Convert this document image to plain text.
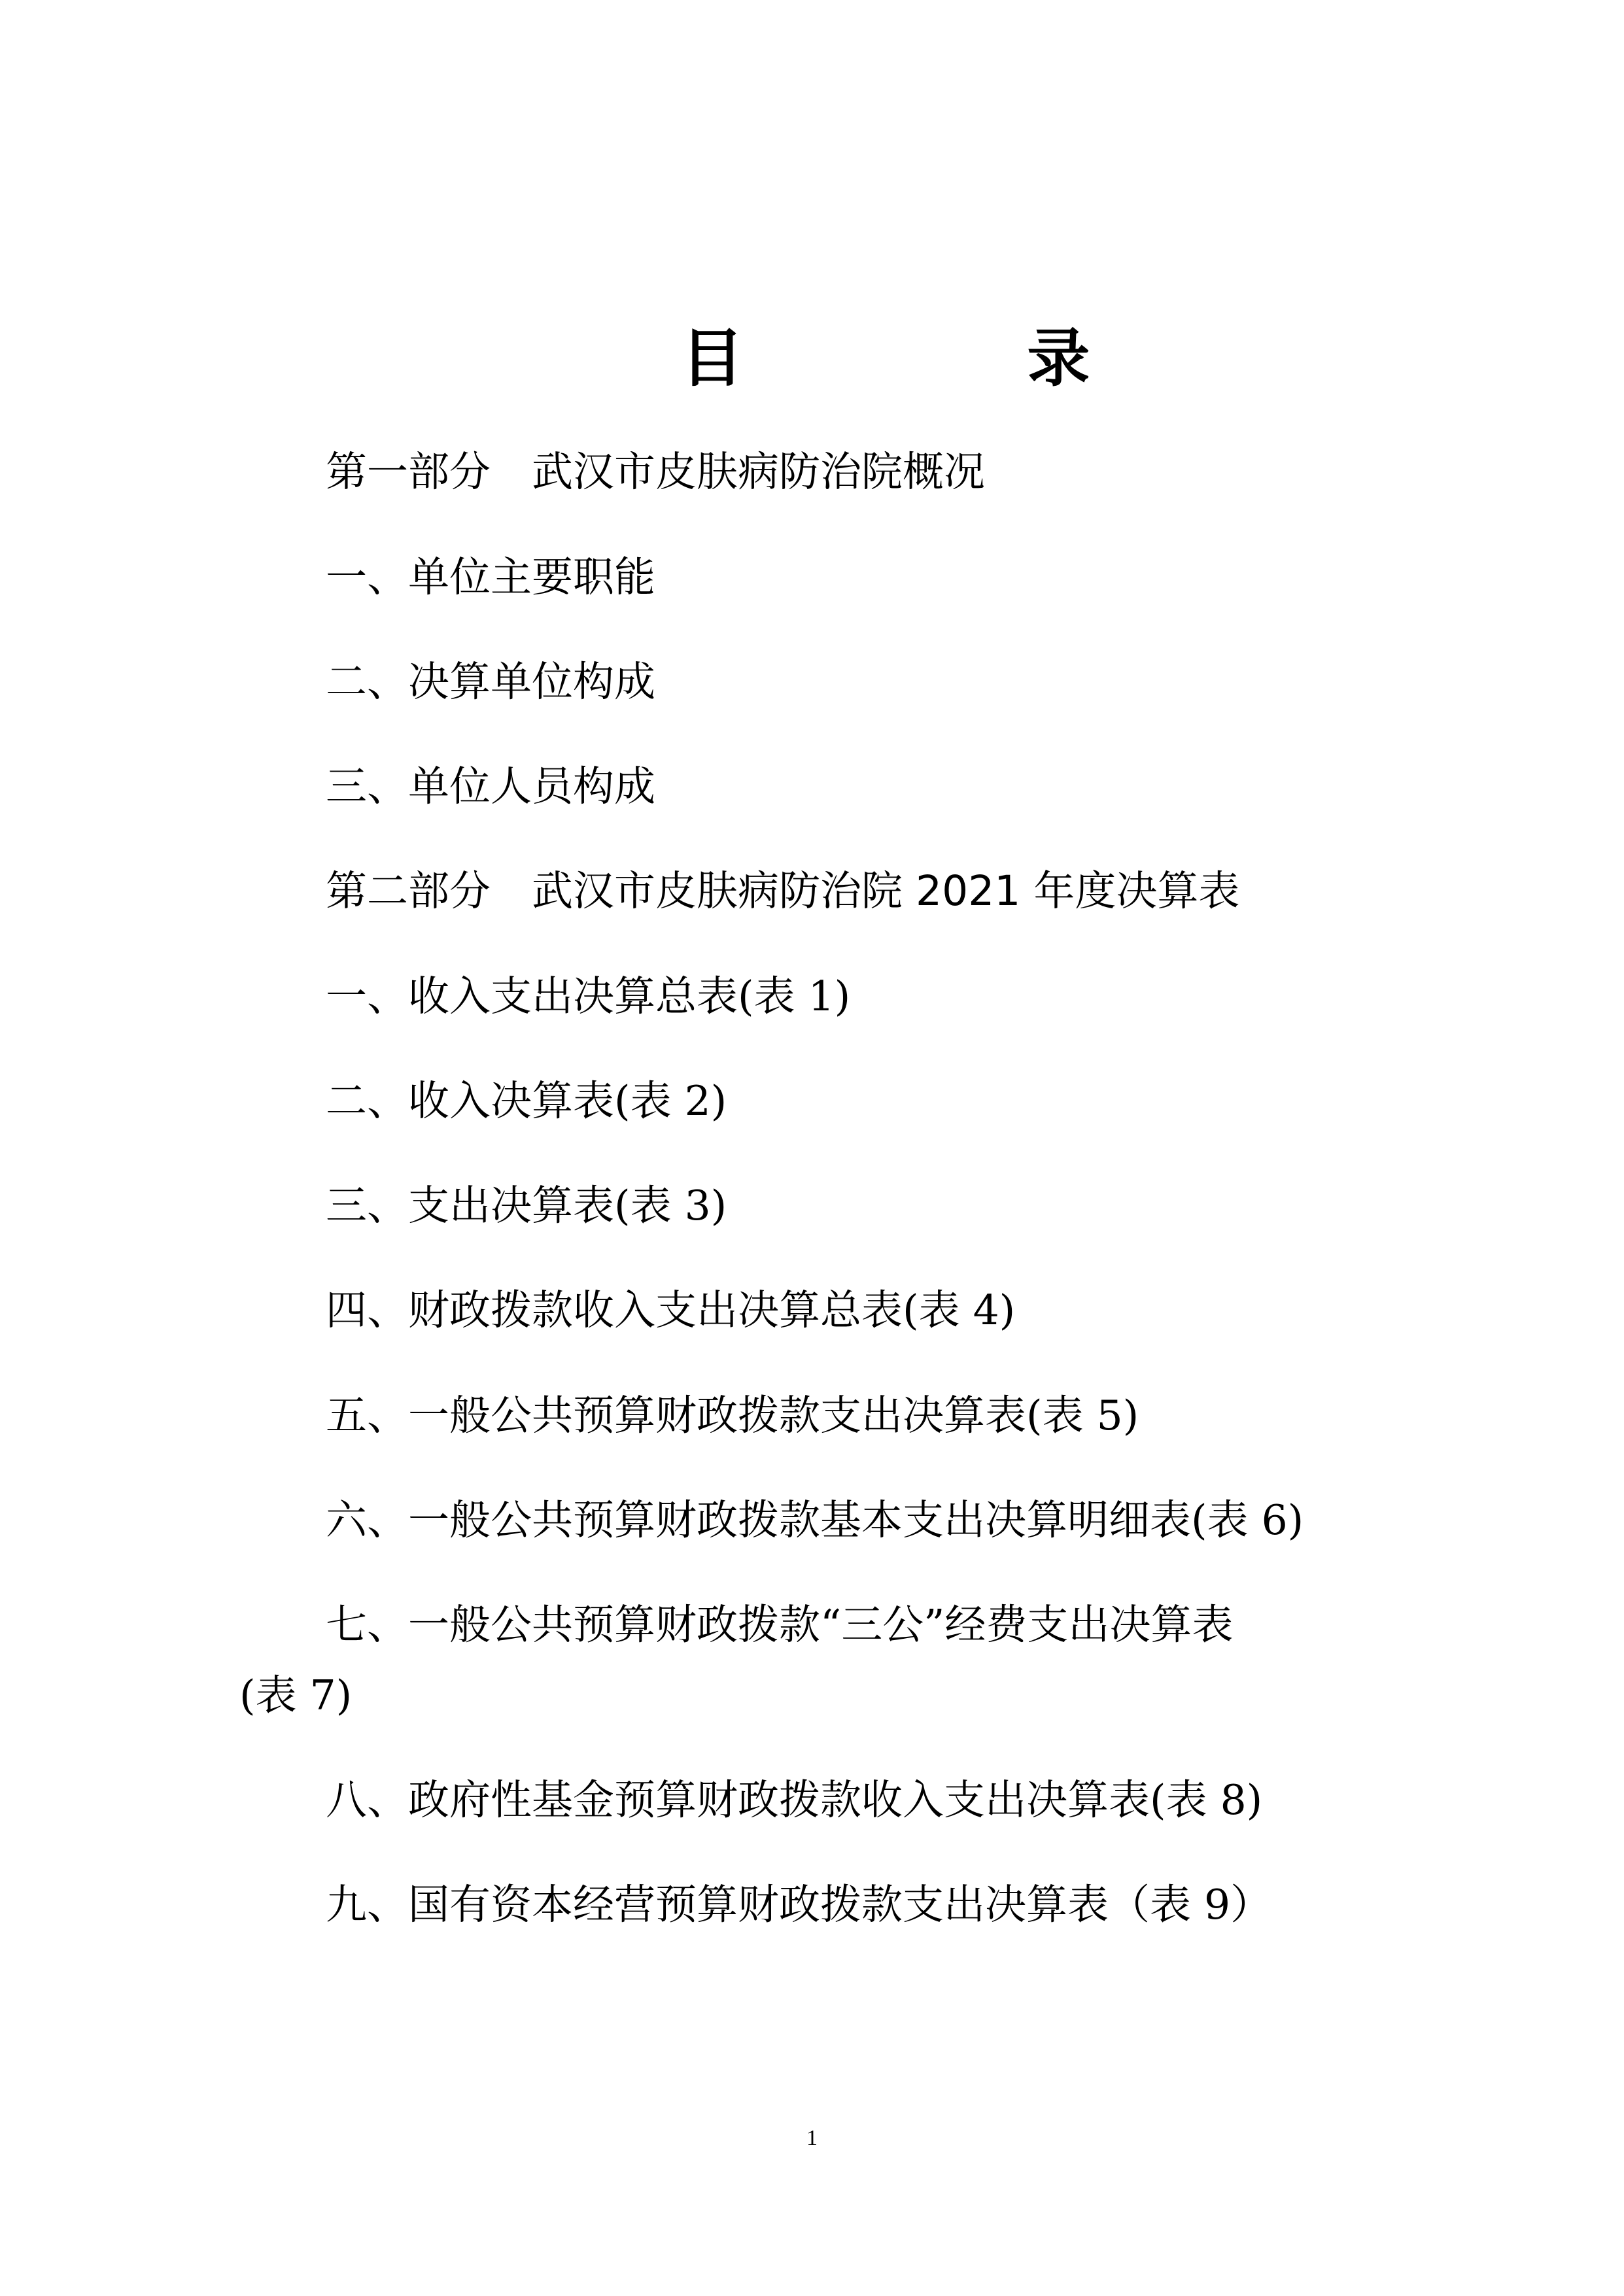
目 录
第一部分 武汉市皮肤病防治院概况
一、单位主要职能
二、决算单位构成
三、单位人员构成
第二部分 武汉市皮肤病防治院 2021 年度决算表
一、收入支出决算总表(表 1)
二、收入决算表(表 2)
三、支出决算表(表 3)
四、财政拨款收入支出决算总表(表 4)
五、一般公共预算财政拨款支出决算表(表 5)
六、一般公共预算财政拨款基本支出决算明细表(表 6)
七、一般公共预算财政拨款“三公”经费支出决算表
(表 7)
八、政府性基金预算财政拨款收入支出决算表(表 8)
九、国有资本经营预算财政拨款支出决算表（表 9）
1
